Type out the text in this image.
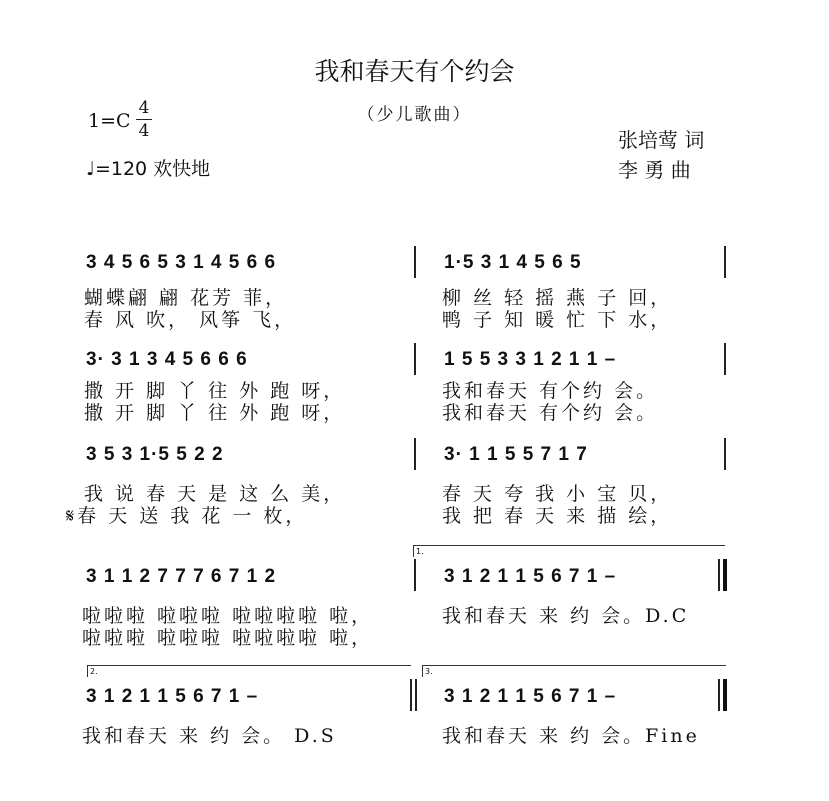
我和春天有个约会
（少儿歌曲）
1=C
4
4
♩=120 欢快地
张培莺 词
李 勇 曲
3 4 5 6 5 3 1 4 5 6 6	1·5 3 1 4 5 6 5
蝴蝶翩 翩 花芳 菲，	柳 丝 轻 摇 燕 子 回，
春 风 吹， 风筝 飞，	鸭 子 知 暖 忙 下 水，
3· 3 1 3 4 5 6 6 6	1 5 5 3 3 1 2 1 1 –
撒 开 脚 丫 往 外 跑 呀，	我和春天 有个约 会。
撒 开 脚 丫 往 外 跑 呀，	我和春天 有个约 会。
3 5 3 1·5 5 2 2	3· 1 1 5 5 7 1 7
我 说 春 天 是 这 么 美，	春 天 夸 我 小 宝 贝，
𝄋春 天 送 我 花 一 枚，	我 把 春 天 来 描 绘，
1.
3 1 1 2 7 7 7 6 7 1 2	3 1 2 1 1 5 6 7 1 –
啦啦啦 啦啦啦 啦啦啦啦 啦，	我和春天 来 约 会。D.C
啦啦啦 啦啦啦 啦啦啦啦 啦，
2.	3.
3 1 2 1 1 5 6 7 1 –	3 1 2 1 1 5 6 7 1 –
我和春天 来 约 会。 D.S	我和春天 来 约 会。Fine
